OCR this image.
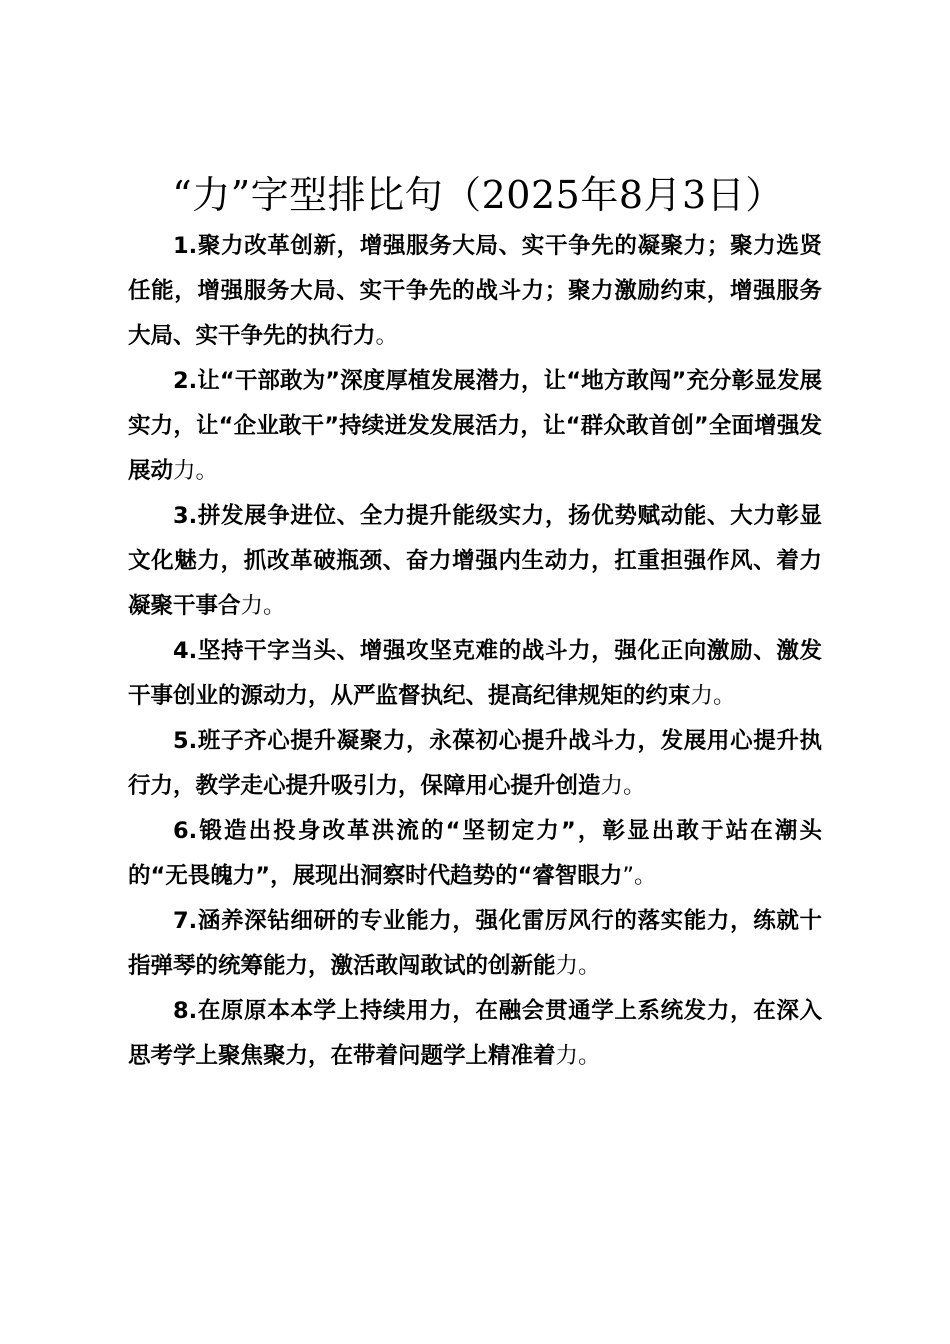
“力”字型排比句（2025年8月3日）

1.聚力改革创新，增强服务大局、实干争先的凝聚力；聚力选贤任能，增强服务大局、实干争先的战斗力；聚力激励约束，增强服务大局、实干争先的执行力。

2.让“干部敢为”深度厚植发展潜力，让“地方敢闯”充分彰显发展实力，让“企业敢干”持续迸发发展活力，让“群众敢首创”全面增强发展动力。

3.拼发展争进位、全力提升能级实力，扬优势赋动能、大力彰显文化魅力，抓改革破瓶颈、奋力增强内生动力，扛重担强作风、着力凝聚干事合力。

4.坚持干字当头、增强攻坚克难的战斗力，强化正向激励、激发干事创业的源动力，从严监督执纪、提高纪律规矩的约束力。

5.班子齐心提升凝聚力，永葆初心提升战斗力，发展用心提升执行力，教学走心提升吸引力，保障用心提升创造力。

6.锻造出投身改革洪流的“坚韧定力”，彰显出敢于站在潮头的“无畏魄力”，展现出洞察时代趋势的“睿智眼力”。

7.涵养深钻细研的专业能力，强化雷厉风行的落实能力，练就十指弹琴的统筹能力，激活敢闯敢试的创新能力。

8.在原原本本学上持续用力，在融会贯通学上系统发力，在深入思考学上聚焦聚力，在带着问题学上精准着力。
